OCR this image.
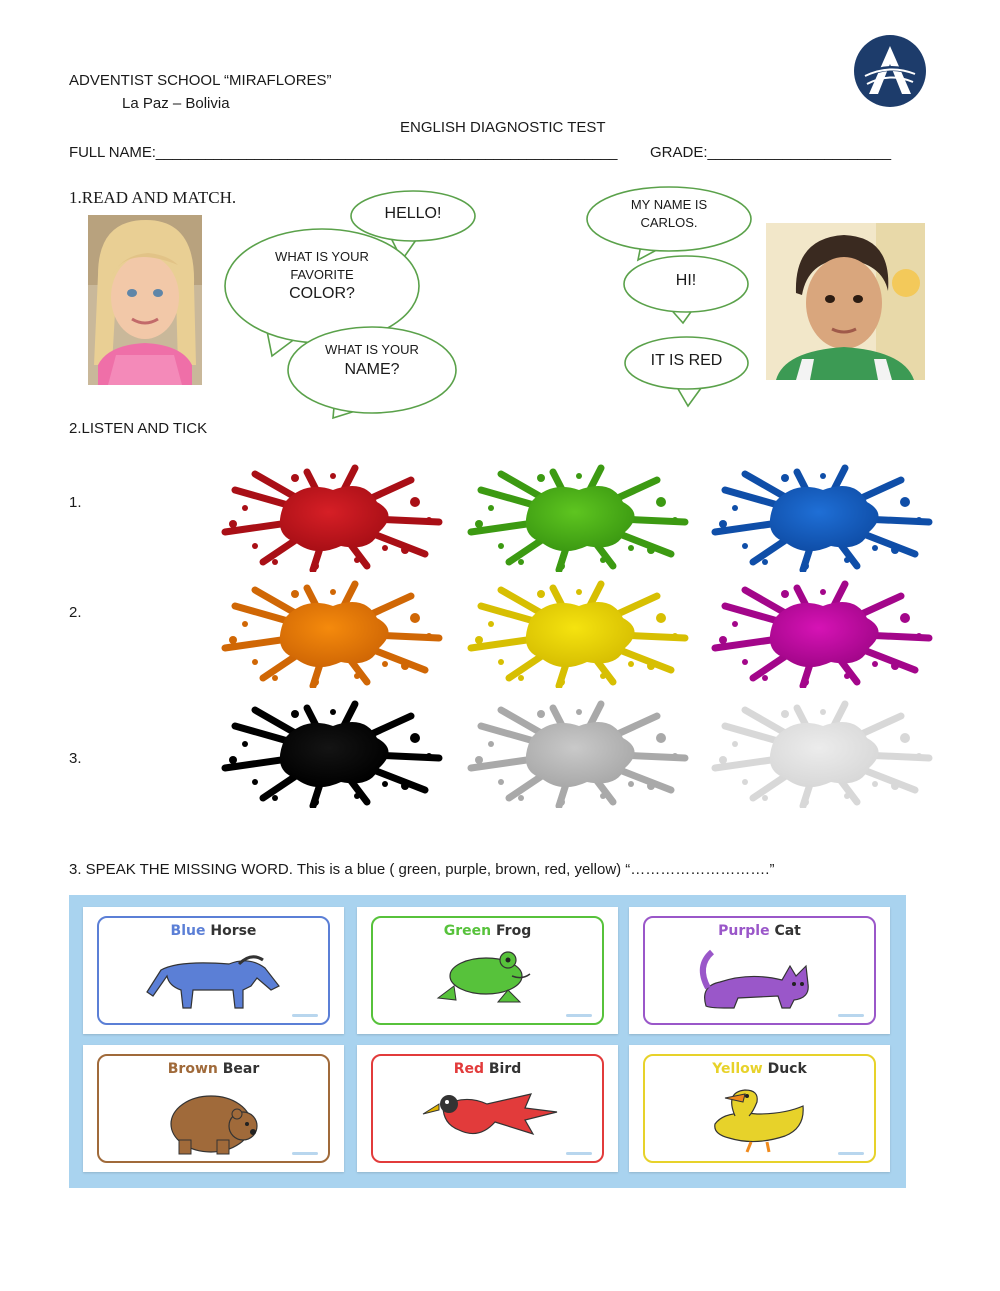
ADVENTIST SCHOOL “MIRAFLORES”
La Paz – Bolivia
ENGLISH DIAGNOSTIC TEST
FULL NAME:________________________________________________________ GRADE:______________________
1.READ AND MATCH.
HELLO!
WHAT IS YOUR
FAVORITE
COLOR?
WHAT IS YOUR
NAME?
MY NAME IS
CARLOS.
HI!
IT IS RED
2.LISTEN AND TICK
1.
2.
3.
3. SPEAK THE MISSING WORD. This is a blue ( green, purple, brown, red, yellow) “……………………….”
Blue Horse	Green Frog	Purple Cat
Brown Bear	Red Bird	Yellow Duck
